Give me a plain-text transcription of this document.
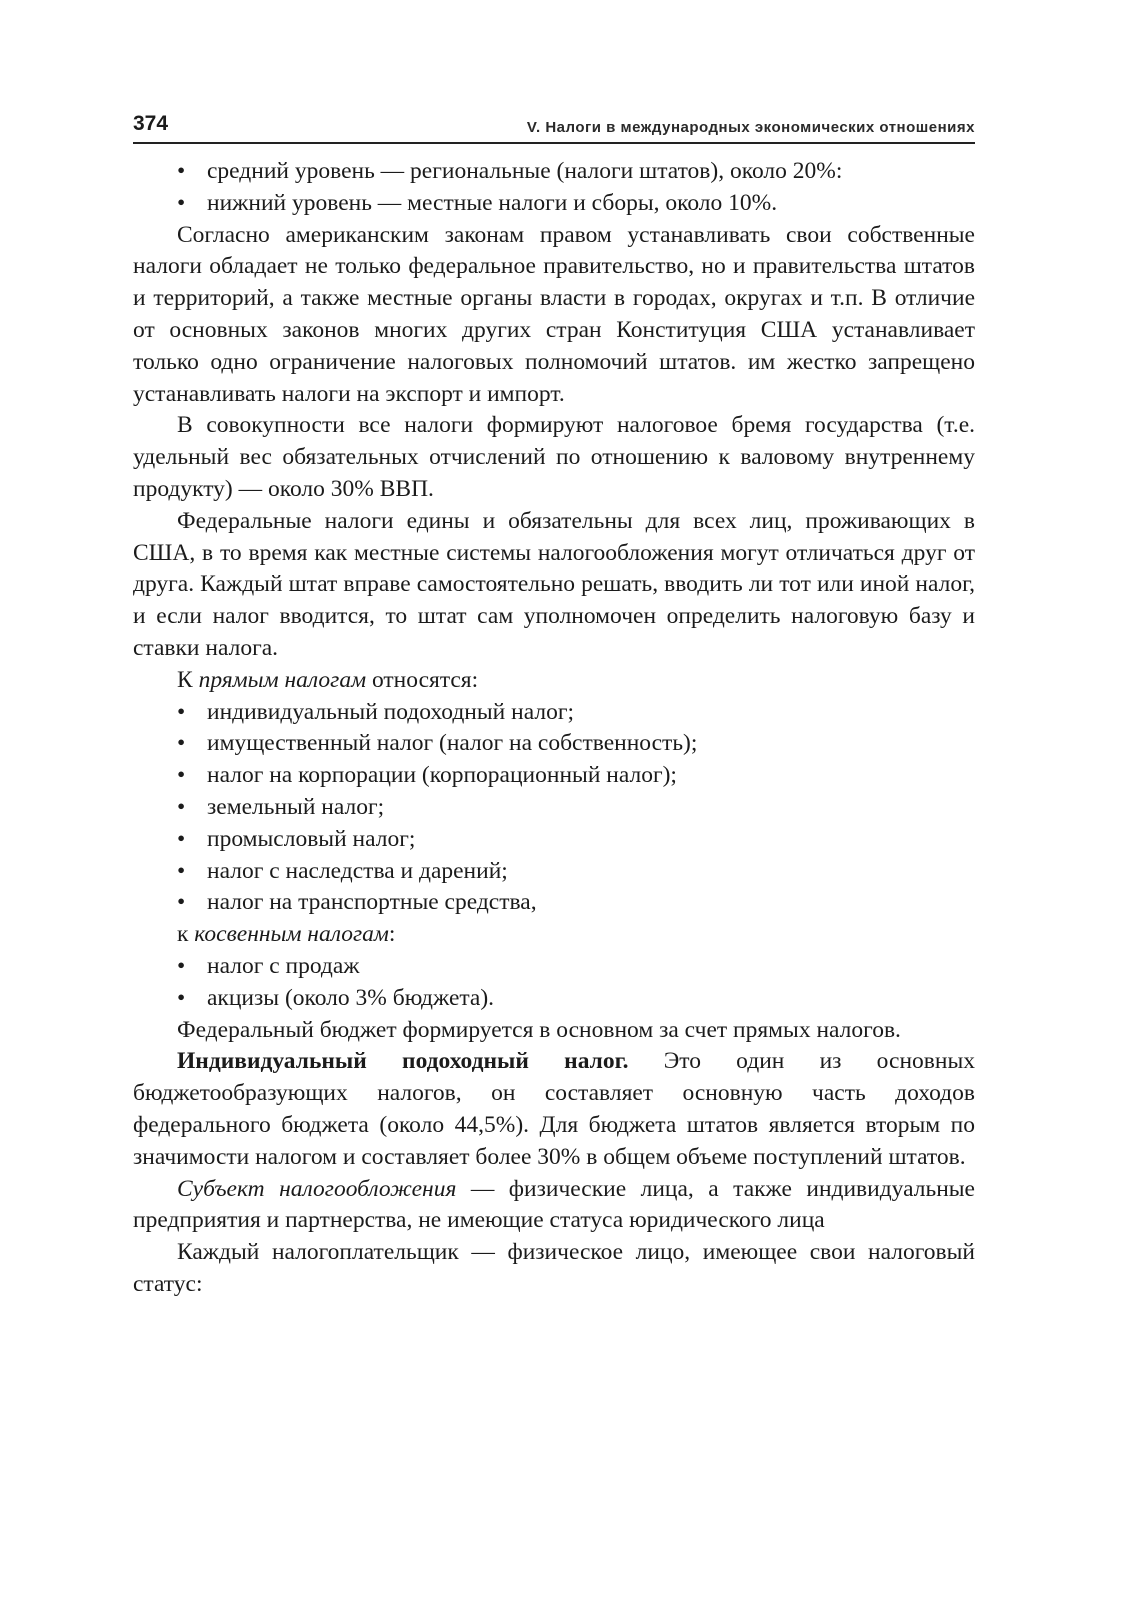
374	V. Налоги в международных экономических отношениях

• средний уровень — региональные (налоги штатов), около 20%:

• нижний уровень — местные налоги и сборы, около 10%.

Согласно американским законам правом устанавливать свои собственные налоги обладает не только федеральное правительство, но и правительства штатов и территорий, а также местные органы власти в городах, округах и т.п. В отличие от основных законов многих других стран Конституция США устанавливает только одно ограничение налоговых полномочий штатов. им жестко запрещено устанавливать налоги на экспорт и импорт.

В совокупности все налоги формируют налоговое бремя государства (т.е. удельный вес обязательных отчислений по отношению к валовому внутреннему продукту) — около 30% ВВП.

Федеральные налоги едины и обязательны для всех лиц, проживающих в США, в то время как местные системы налогообложения могут отличаться друг от друга. Каждый штат вправе самостоятельно решать, вводить ли тот или иной налог, и если налог вводится, то штат сам уполномочен определить налоговую базу и ставки налога.

К прямым налогам относятся:

• индивидуальный подоходный налог;

• имущественный налог (налог на собственность);

• налог на корпорации (корпорационный налог);

• земельный налог;

• промысловый налог;

• налог с наследства и дарений;

• налог на транспортные средства,

к косвенным налогам:

• налог с продаж

• акцизы (около 3% бюджета).

Федеральный бюджет формируется в основном за счет прямых налогов.

Индивидуальный подоходный налог. Это один из основных бюджетообразующих налогов, он составляет основную часть доходов федерального бюджета (около 44,5%). Для бюджета штатов является вторым по значимости налогом и составляет более 30% в общем объеме поступлений штатов.

Субъект налогообложения — физические лица, а также индивидуальные предприятия и партнерства, не имеющие статуса юридического лица

Каждый налогоплательщик — физическое лицо, имеющее свои налоговый статус:
